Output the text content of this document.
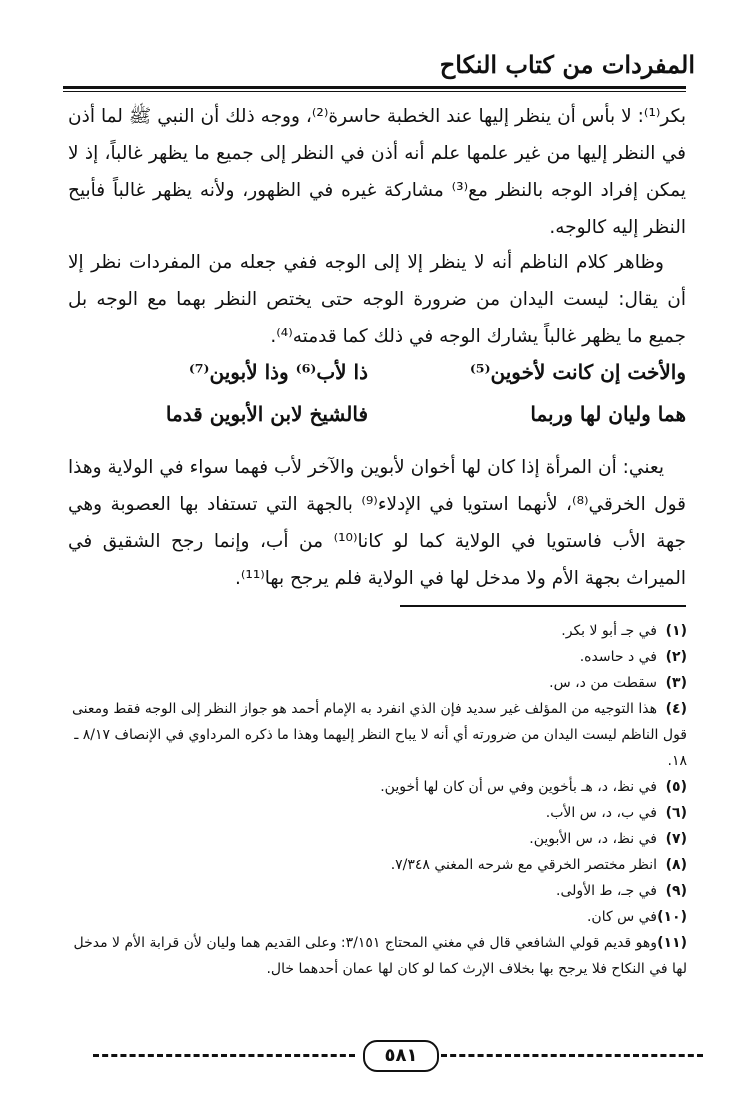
المفردات من كتاب النكاح

بكر⁽¹⁾: لا بأس أن ينظر إليها عند الخطبة حاسرة⁽²⁾، ووجه ذلك أن النبي ﷺ لما أذن في النظر إليها من غير علمها علم أنه أذن في النظر إلى جميع ما يظهر غالباً، إذ لا يمكن إفراد الوجه بالنظر مع⁽³⁾ مشاركة غيره في الظهور، ولأنه يظهر غالباً فأبيح النظر إليه كالوجه.

وظاهر كلام الناظم أنه لا ينظر إلا إلى الوجه ففي جعله من المفردات نظر إلا أن يقال: ليست اليدان من ضرورة الوجه حتى يختص النظر بهما مع الوجه بل جميع ما يظهر غالباً يشارك الوجه في ذلك كما قدمته⁽⁴⁾.

والأخت إن كانت لأخوين⁽⁵⁾
ذا لأب⁽⁶⁾ وذا لأبوين⁽⁷⁾
هما وليان لها وربما
فالشيخ لابن الأبوين قدما

يعني: أن المرأة إذا كان لها أخوان لأبوين والآخر لأب فهما سواء في الولاية وهذا قول الخرقي⁽⁸⁾، لأنهما استويا في الإدلاء⁽⁹⁾ بالجهة التي تستفاد بها العصوبة وهي جهة الأب فاستويا في الولاية كما لو كانا⁽¹⁰⁾ من أب، وإنما رجح الشقيق في الميراث بجهة الأم ولا مدخل لها في الولاية فلم يرجح بها⁽¹¹⁾.

(١)في جـ أبو لا بكر.
(٢)في د حاسده.
(٣)سقطت من د، س.
(٤)هذا التوجيه من المؤلف غير سديد فإن الذي انفرد به الإمام أحمد هو جواز النظر إلى الوجه فقط ومعنى قول الناظم ليست اليدان من ضرورته أي أنه لا يباح النظر إليهما وهذا ما ذكره المرداوي في الإنصاف ٨/١٧ ـ ١٨.
(٥)في نظ، د، هـ بأخوين وفي س أن كان لها أخوين.
(٦)في ب، د، س الأب.
(٧)في نظ، د، س الأبوين.
(٨)انظر مختصر الخرقي مع شرحه المغني ٧/٣٤٨.
(٩)في جـ، ط الأولى.
(١٠)في س كان.
(١١)وهو قديم قولي الشافعي قال في مغني المحتاج ٣/١٥١: وعلى القديم هما وليان لأن قرابة الأم لا مدخل لها في النكاح فلا يرجح بها بخلاف الإرث كما لو كان لها عمان أحدهما خال.
٥٨١
